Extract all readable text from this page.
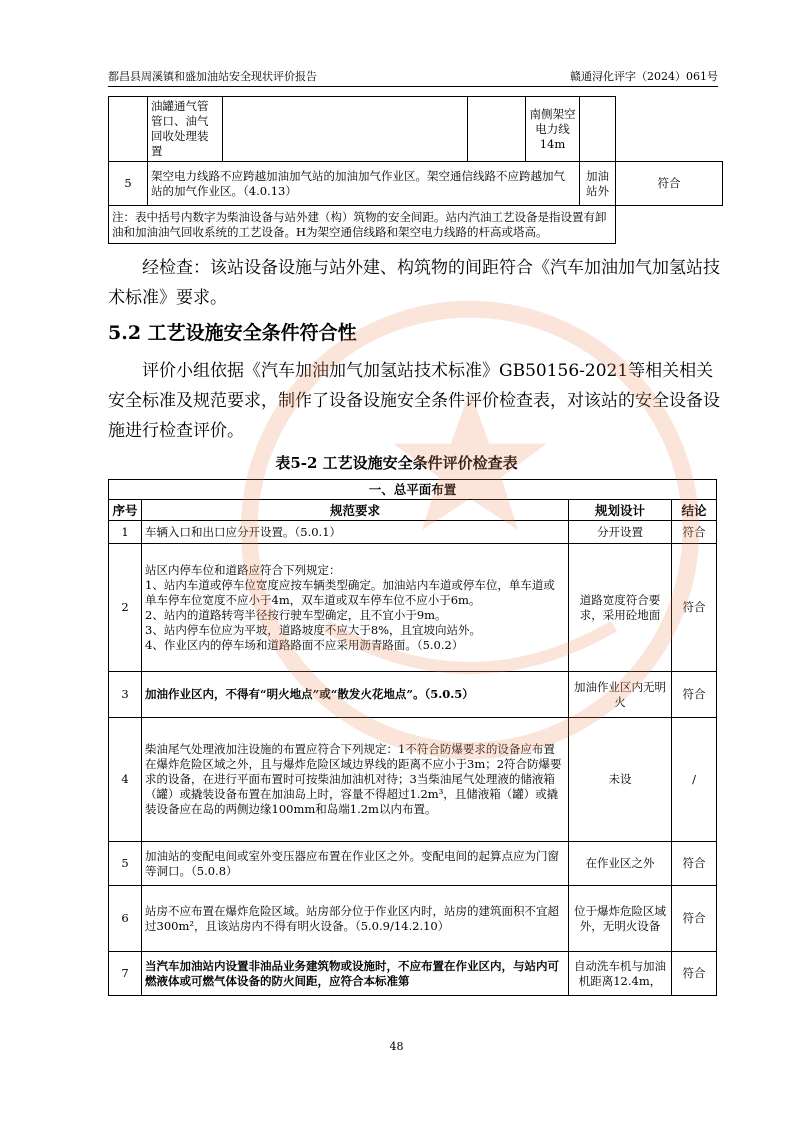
都昌县周溪镇和盛加油站安全现状评价报告	赣通浔化评字（2024）061号
	油罐通气管管口、油气回收处理装置			南侧架空电力线14m		
5	架空电力线路不应跨越加油加气站的加油加气作业区。架空通信线路不应跨越加气站的加气作业区。（4.0.13）				加油站外	符合
注：表中括号内数字为柴油设备与站外建（构）筑物的安全间距。站内汽油工艺设备是指设置有卸油和加油油气回收系统的工艺设备。H为架空通信线路和架空电力线路的杆高或塔高。						

经检查：该站设备设施与站外建、构筑物的间距符合《汽车加油加气加氢站技术标准》要求。

5.2 工艺设施安全条件符合性

评价小组依据《汽车加油加气加氢站技术标准》GB50156-2021等相关相关安全标准及规范要求，制作了设备设施安全条件评价检查表，对该站的安全设备设施进行检查评价。

表5-2 工艺设施安全条件评价检查表

一、总平面布置			
序号	规范要求	规划设计	结论
1	车辆入口和出口应分开设置。（5.0.1）	分开设置	符合
2	站区内停车位和道路应符合下列规定：
1、站内车道或停车位宽度应按车辆类型确定。加油站内车道或停车位，单车道或单车停车位宽度不应小于4m，双车道或双车停车位不应小于6m。
2、站内的道路转弯半径按行驶车型确定，且不宜小于9m。
3、站内停车位应为平坡，道路坡度不应大于8%，且宜坡向站外。
4、作业区内的停车场和道路路面不应采用沥青路面。（5.0.2）	道路宽度符合要求，采用砼地面	符合
3	加油作业区内，不得有“明火地点”或“散发火花地点”。（5.0.5）	加油作业区内无明火	符合
4	柴油尾气处理液加注设施的布置应符合下列规定：1不符合防爆要求的设备应布置在爆炸危险区域之外，且与爆炸危险区域边界线的距离不应小于3m；2符合防爆要求的设备，在进行平面布置时可按柴油加油机对待；3当柴油尾气处理液的储液箱（罐）或撬装设备布置在加油岛上时，容量不得超过1.2m³，且储液箱（罐）或撬装设备应在岛的两侧边缘100mm和岛端1.2m以内布置。	未设	/
5	加油站的变配电间或室外变压器应布置在作业区之外。变配电间的起算点应为门窗等洞口。（5.0.8）	在作业区之外	符合
6	站房不应布置在爆炸危险区域。站房部分位于作业区内时，站房的建筑面积不宜超过300m²，且该站房内不得有明火设备。（5.0.9/14.2.10）	位于爆炸危险区域外，无明火设备	符合
7	当汽车加油站内设置非油品业务建筑物或设施时，不应布置在作业区内，与站内可燃液体或可燃气体设备的防火间距，应符合本标准第	自动洗车机与加油机距离12.4m，	符合
48
